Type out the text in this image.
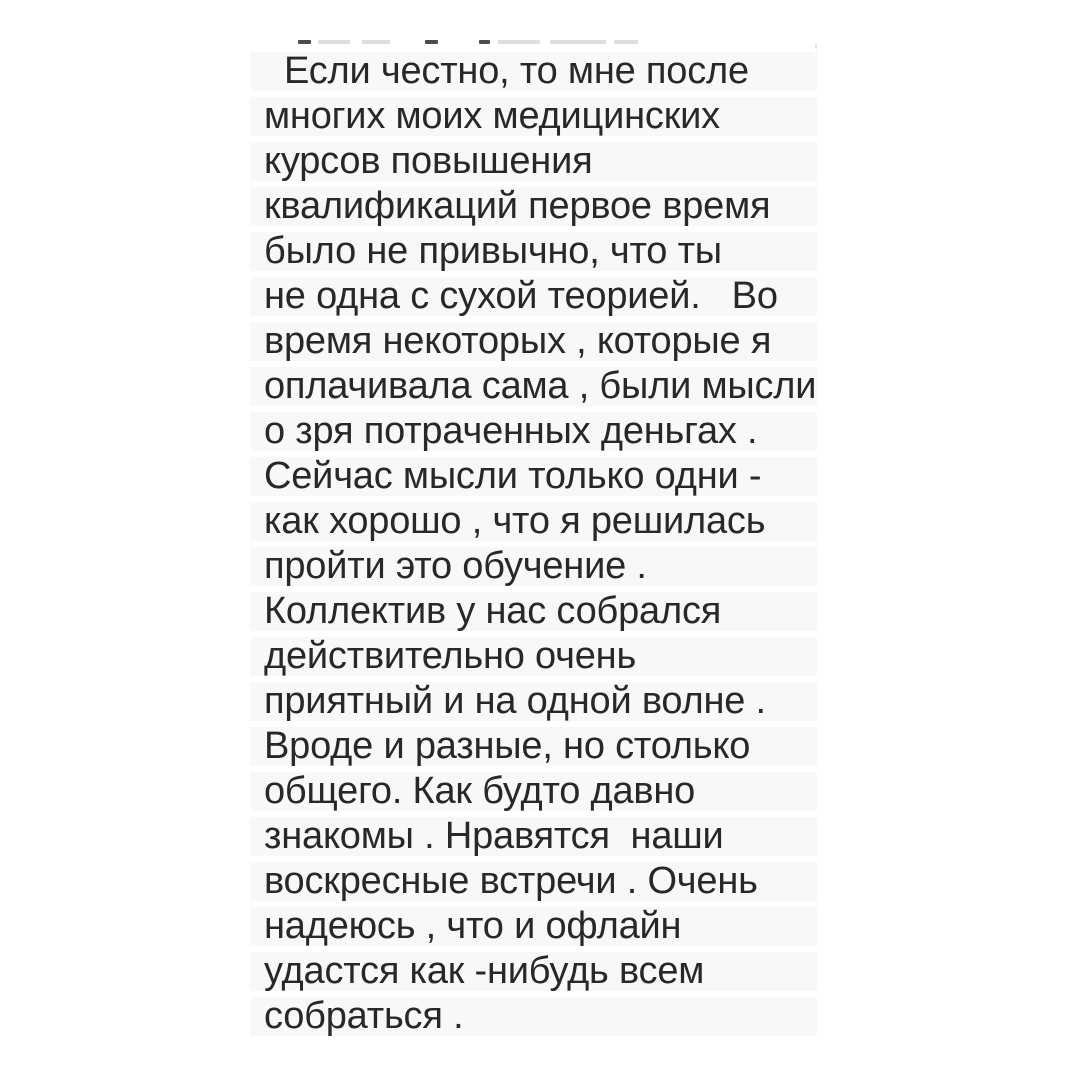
Если честно, то мне после
многих моих медицинских
курсов повышения
квалификаций первое время
было не привычно, что ты
не одна с сухой теорией.   Во
время некоторых , которые я
оплачивала сама , были мысли
о зря потраченных деньгах .
Сейчас мысли только одни -
как хорошо , что я решилась
пройти это обучение .
Коллектив у нас собрался
действительно очень
приятный и на одной волне .
Вроде и разные, но столько
общего. Как будто давно
знакомы . Нравятся  наши
воскресные встречи . Очень
надеюсь , что и офлайн
удастся как -нибудь всем
собраться .
